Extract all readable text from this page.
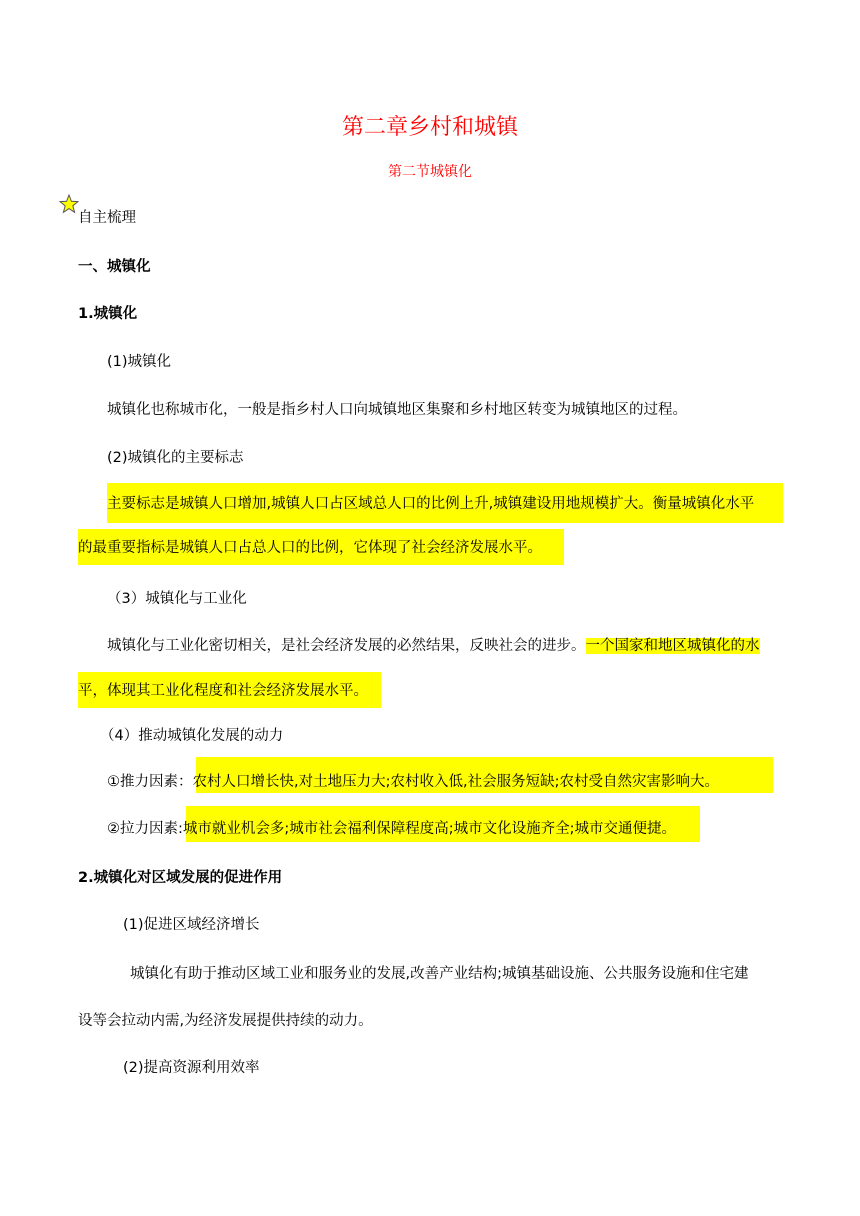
第二章乡村和城镇
第二节城镇化
自主梳理
一、城镇化
1.城镇化
(1)城镇化
城镇化也称城市化，一般是指乡村人口向城镇地区集聚和乡村地区转变为城镇地区的过程。
(2)城镇化的主要标志
主要标志是城镇人口增加,城镇人口占区域总人口的比例上升,城镇建设用地规模扩大。衡量城镇化水平
的最重要指标是城镇人口占总人口的比例，它体现了社会经济发展水平。
（3）城镇化与工业化
城镇化与工业化密切相关，是社会经济发展的必然结果，反映社会的进步。一个国家和地区城镇化的水
平，体现其工业化程度和社会经济发展水平。
（4）推动城镇化发展的动力
①推力因素：农村人口增长快,对土地压力大;农村收入低,社会服务短缺;农村受自然灾害影响大。
②拉力因素:城市就业机会多;城市社会福利保障程度高;城市文化设施齐全;城市交通便捷。
2.城镇化对区域发展的促进作用
(1)促进区域经济增长
城镇化有助于推动区域工业和服务业的发展,改善产业结构;城镇基础设施、公共服务设施和住宅建
设等会拉动内需,为经济发展提供持续的动力。
(2)提高资源利用效率
